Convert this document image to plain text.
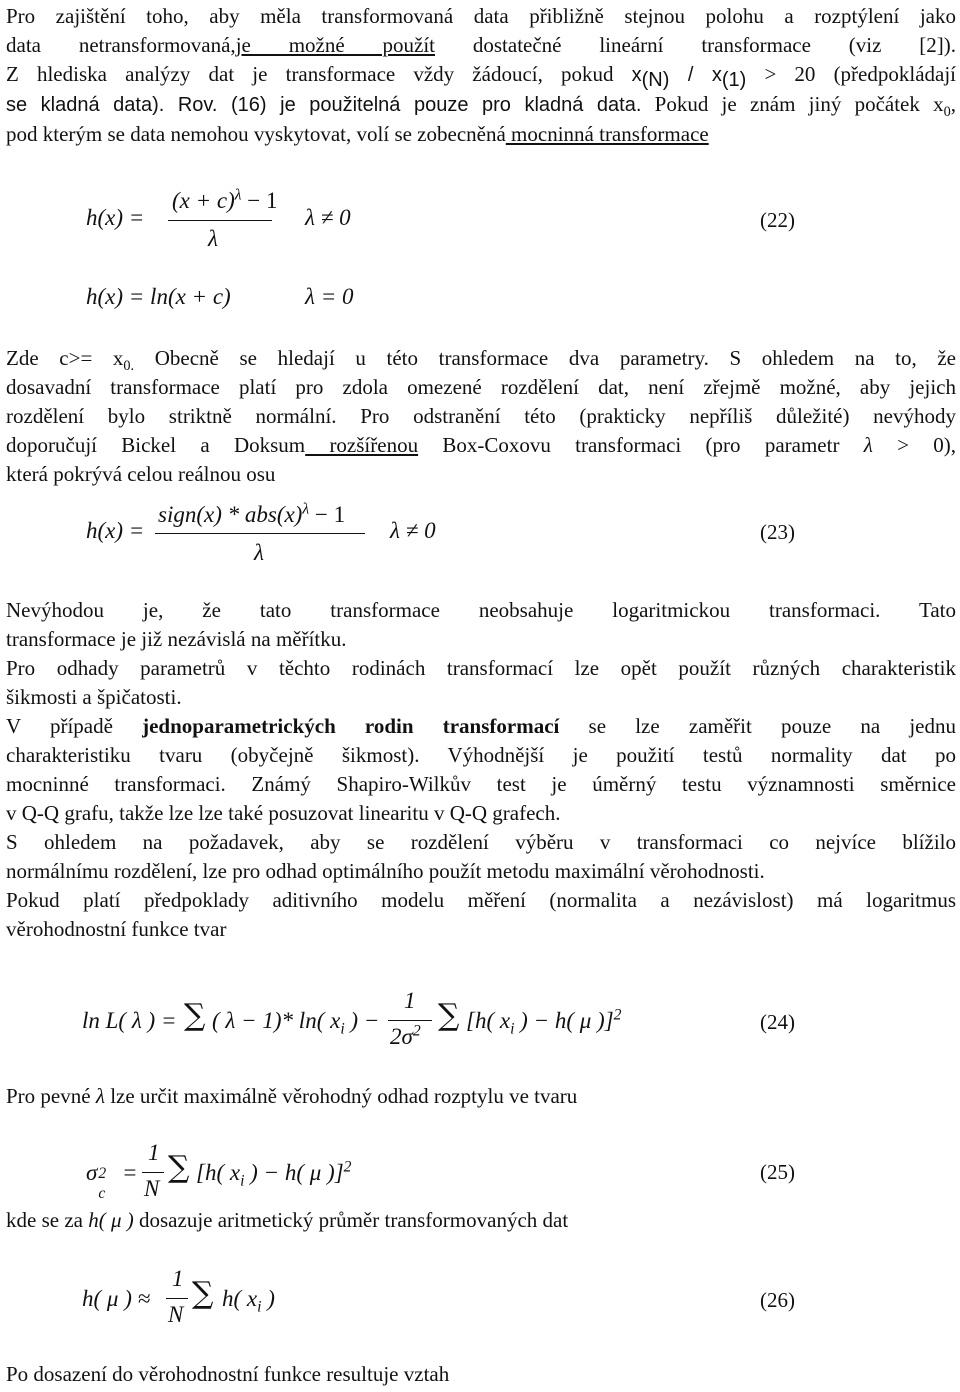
Pro zajištění toho, aby měla transformovaná data přibližně stejnou polohu a rozptýlení jako
data netransformovaná,je možné použít dostatečné lineární transformace (viz [2]).
Z hlediska analýzy dat je transformace vždy žádoucí, pokud $x_{(N)} / x_{(1)} > 20$ (předpokládají
se kladná data). Rov. (16) je použitelná pouze pro kladná data. Pokud je znám jiný počátek $x_0$,
pod kterým se data nemohou vyskytovat, volí se zobecněná mocninná transformace
h(x) =
$(x + c)^\lambda - 1$
λ
λ ≠ 0	(22)
h(x) = ln(x + c)	λ = 0
Zde $c>= x_{0.}$ Obecně se hledají u této transformace dva parametry. S ohledem na to, že
dosavadní transformace platí pro zdola omezené rozdělení dat, není zřejmě možné, aby jejich
rozdělení bylo striktně normální. Pro odstranění této (prakticky nepříliš důležité) nevýhody
doporučují Bickel a Doksum rozšířenou Box-Coxovu transformaci (pro parametr λ > 0),
která pokrývá celou reálnou osu
h(x) =
sign(x) * $abs(x)^\lambda - 1$
λ
λ ≠ 0	(23)
Nevýhodou je, že tato transformace neobsahuje logaritmickou transformaci. Tato
transformace je již nezávislá na měřítku.
Pro odhady parametrů v těchto rodinách transformací lze opět použít různých charakteristik
šikmosti a špičatosti.
V případě jednoparametrických rodin transformací se lze zaměřit pouze na jednu
charakteristiku tvaru (obyčejně šikmost). Výhodnější je použití testů normality dat po
mocninné transformaci. Známý Shapiro-Wilkův test je úměrný testu významnosti směrnice
v Q-Q grafu, takže lze lze také posuzovat linearitu v Q-Q grafech.
S ohledem na požadavek, aby se rozdělení výběru v transformaci co nejvíce blížilo
normálnímu rozdělení, lze pro odhad optimálního použít metodu maximální věrohodnosti.
Pokud platí předpoklady aditivního modelu měření (normalita a nezávislost) má logaritmus
věrohodnostní funkce tvar
ln L( λ ) = ∑ ( λ − 1)* ln( $x_i$ ) −
1
$2\sigma^2$ ∑ [h( $x_i$ ) − h( μ )]$^2$	(24)
Pro pevné λ lze určit maximálně věrohodný odhad rozptylu ve tvaru
σ 2
c
=
1
N
∑ [h( $x_i$ ) − h( μ )]$^2$	(25)
kde se za h( μ ) dosazuje aritmetický průměr transformovaných dat
h( μ ) ≈
1
N
∑ h( $x_i$ )	(26)
Po dosazení do věrohodnostní funkce resultuje vztah
